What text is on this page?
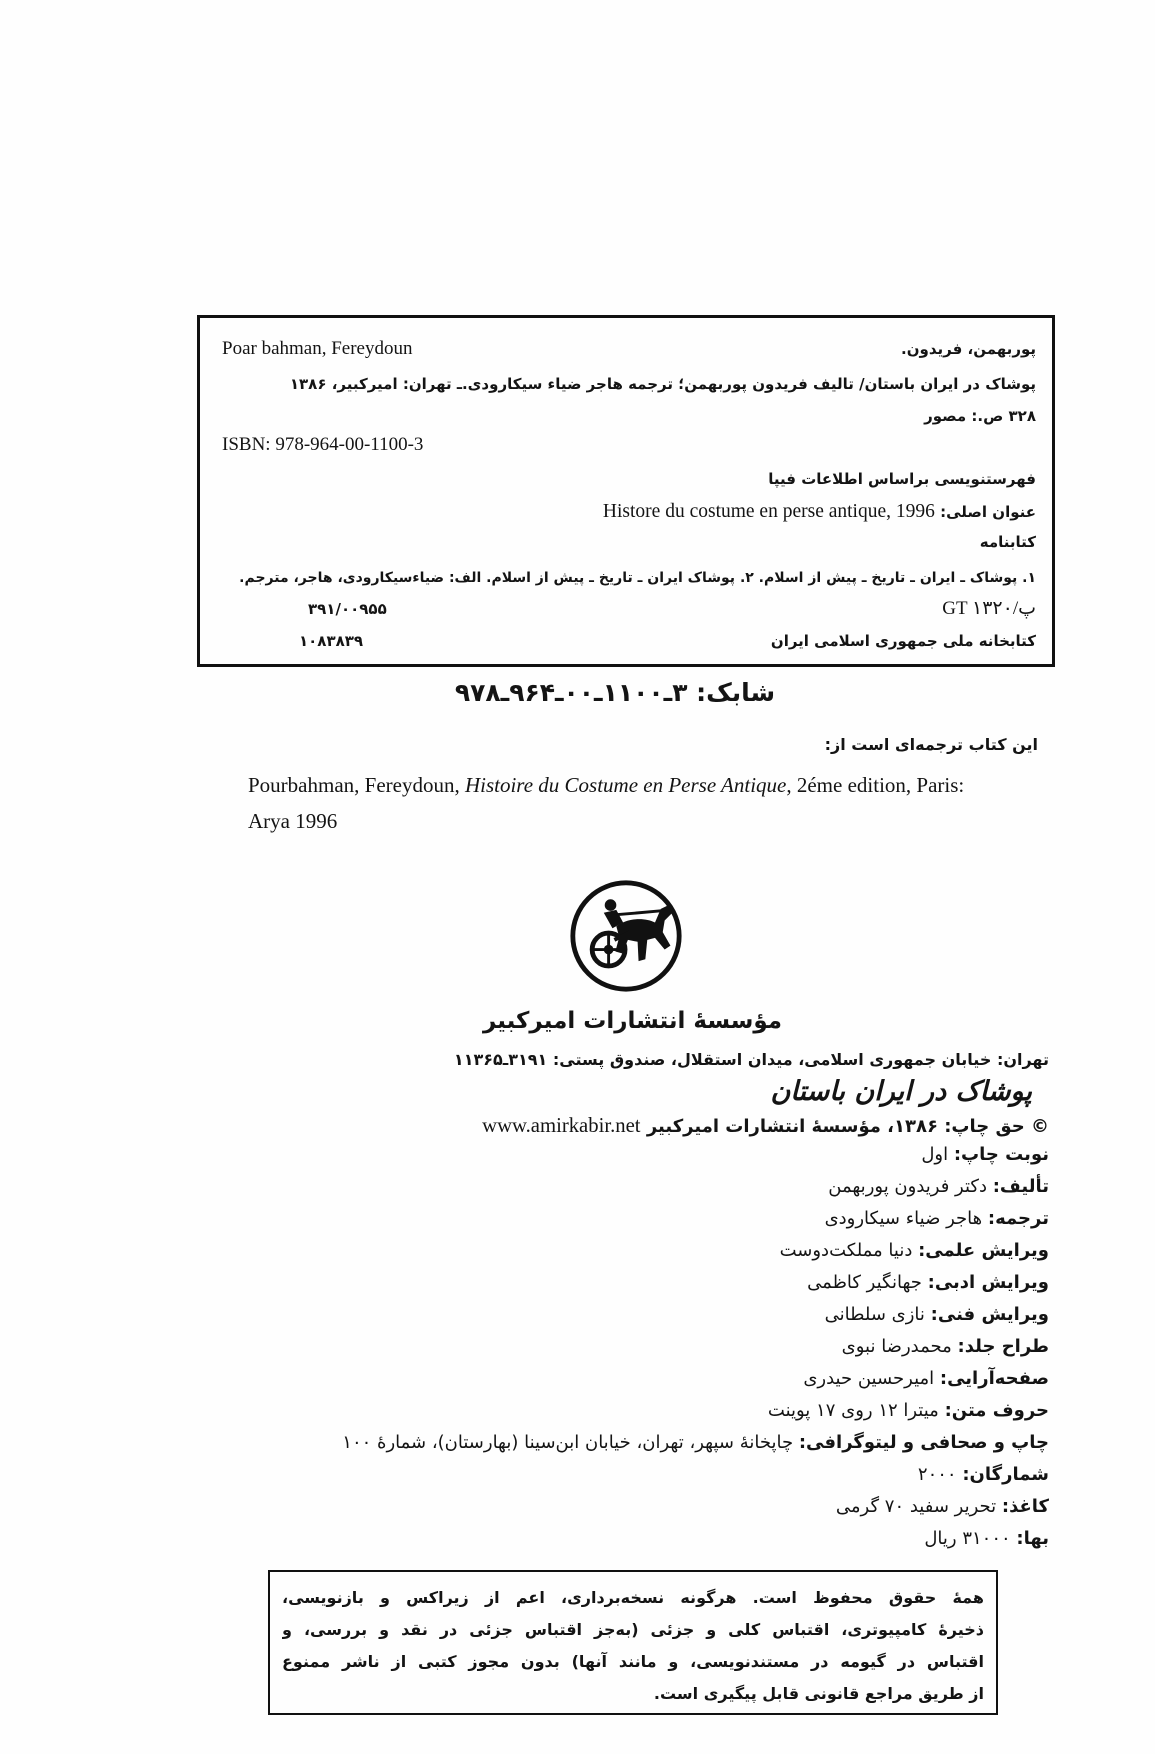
پوربهمن، فریدون.
Poar bahman, Fereydoun
پوشاک در ایران باستان/ تالیف فریدون پوربهمن؛ ترجمه هاجر ضیاء سیکارودی.ـ تهران: امیرکبیر، ۱۳۸۶
۳۲۸ ص.: مصور
ISBN: 978-964-00-1100-3
فهرستنویسی براساس اطلاعات فیپا
عنوان اصلی: Histore du costume en perse antique, 1996
کتابنامه
۱. پوشاک ـ ایران ـ تاریخ ـ پیش از اسلام. ۲. پوشاک ایران ـ تاریخ ـ پیش از اسلام. الف: ضیاءسیکارودی، هاجر، مترجم.
GT ۱۳۲۰/پ
۳۹۱/۰۰۹۵۵
کتابخانه ملی جمهوری اسلامی ایران
۱۰۸۳۸۳۹
شابک: ۳ـ۱۱۰۰ـ۰۰ـ۹۶۴ـ۹۷۸
این کتاب ترجمه‌ای است از:
Pourbahman, Fereydoun, Histoire du Costume en Perse Antique, 2éme edition, Paris:
Arya 1996
مؤسسهٔ انتشارات امیرکبیر
تهران: خیابان جمهوری اسلامی، میدان استقلال، صندوق پستی: ۳۱۹۱ـ۱۱۳۶۵
پوشاک در ایران باستان
© حق چاپ: ۱۳۸۶، مؤسسهٔ انتشارات امیرکبیر www.amirkabir.net
نوبت چاپ: اول
تألیف: دکتر فریدون پوربهمن
ترجمه: هاجر ضیاء سیکارودی
ویرایش علمی: دنیا مملکت‌دوست
ویرایش ادبی: جهانگیر کاظمی
ویرایش فنی: نازی سلطانی
طراح جلد: محمدرضا نبوی
صفحه‌آرایی: امیرحسین حیدری
حروف متن: میترا ۱۲ روی ۱۷ پوینت
چاپ و صحافی و لیتوگرافی: چاپخانهٔ سپهر، تهران، خیابان ابن‌سینا (بهارستان)، شمارهٔ ۱۰۰
شمارگان: ۲۰۰۰
کاغذ: تحریر سفید ۷۰ گرمی
بها: ۳۱۰۰۰ ریال
همهٔ حقوق محفوظ است. هرگونه نسخه‌برداری، اعم از زیراکس و بازنویسی،
ذخیرهٔ کامپیوتری، اقتباس کلی و جزئی (به‌جز اقتباس جزئی در نقد و بررسی، و
اقتباس در گیومه در مستندنویسی، و مانند آنها) بدون مجوز کتبی از ناشر ممنوع
از طریق مراجع قانونی قابل پیگیری است.
